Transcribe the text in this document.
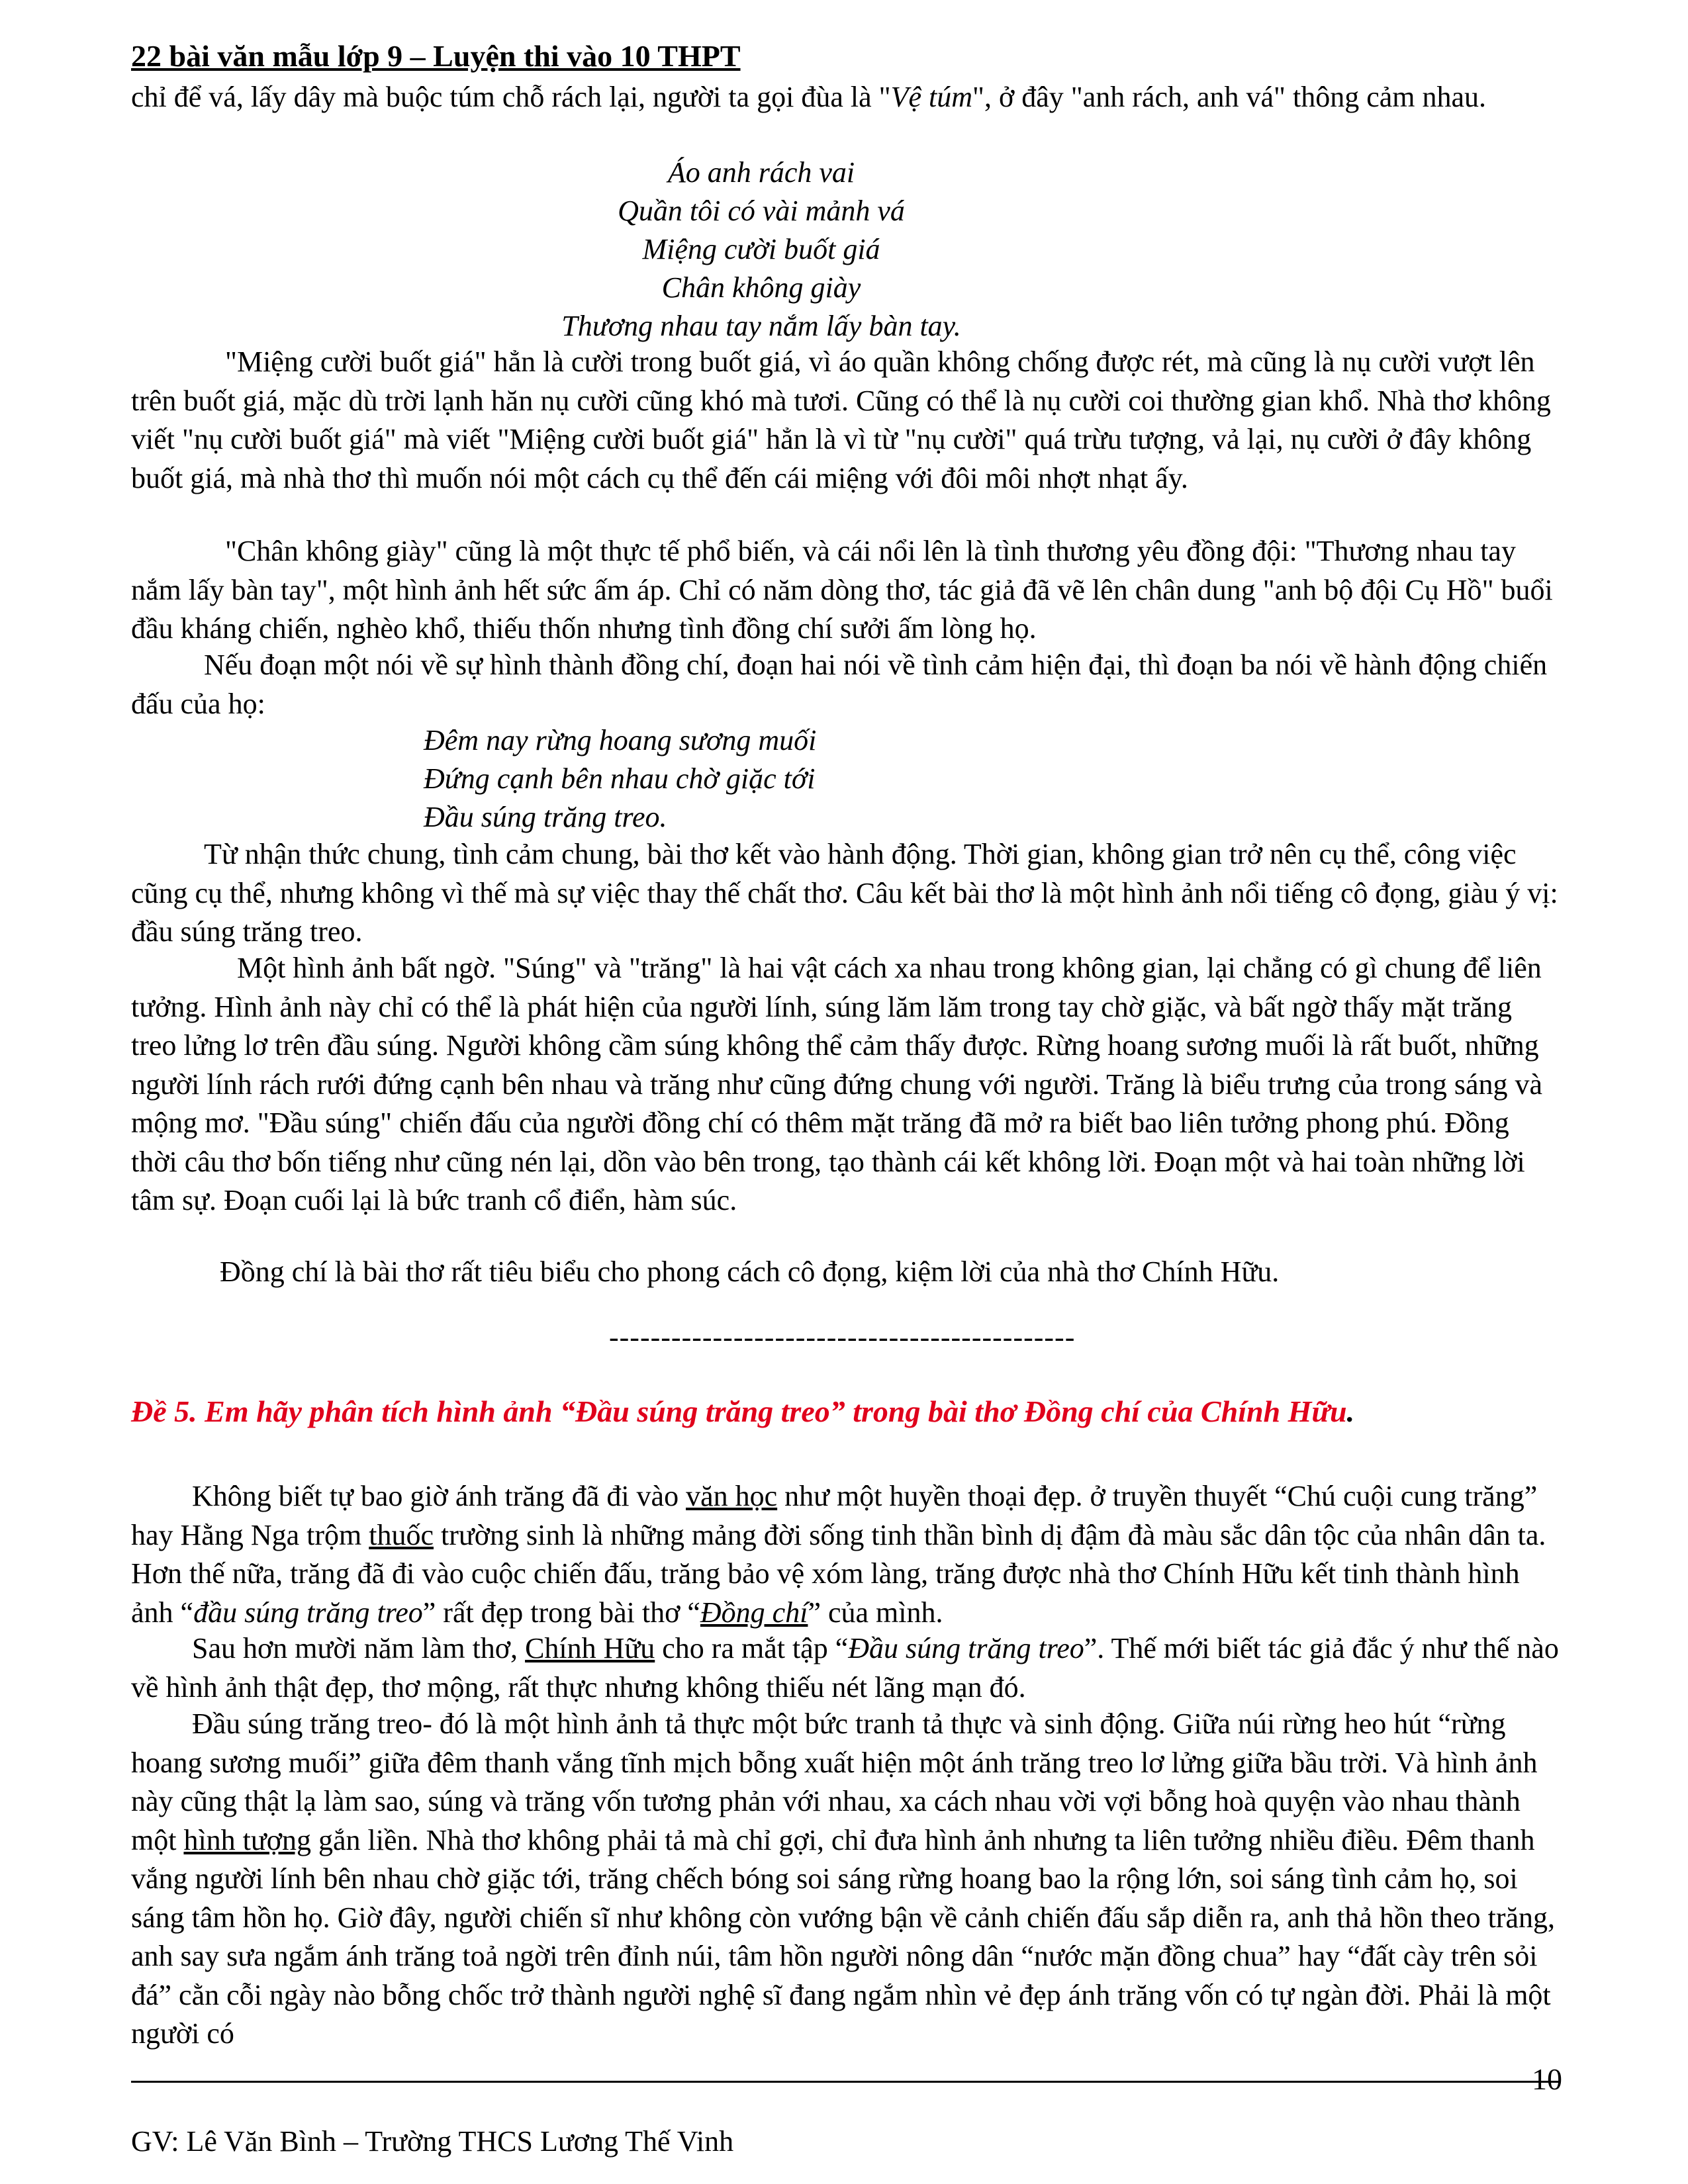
22 bài văn mẫu lớp 9 – Luyện thi vào 10 THPT

chỉ để vá, lấy dây mà buộc túm chỗ rách lại, người ta gọi đùa là "Vệ túm", ở đây "anh rách, anh vá" thông cảm nhau.

Áo anh rách vai
Quần tôi có vài mảnh vá
Miệng cười buốt giá
Chân không giày
Thương nhau tay nắm lấy bàn tay.

"Miệng cười buốt giá" hẳn là cười trong buốt giá, vì áo quần không chống được rét, mà cũng là nụ cười vượt lên trên buốt giá, mặc dù trời lạnh hăn nụ cười cũng khó mà tươi. Cũng có thể là nụ cười coi thường gian khổ. Nhà thơ không viết "nụ cười buốt giá" mà viết "Miệng cười buốt giá" hẳn là vì từ "nụ cười" quá trừu tượng, vả lại, nụ cười ở đây không buốt giá, mà nhà thơ thì muốn nói một cách cụ thể đến cái miệng với đôi môi nhợt nhạt ấy.

"Chân không giày" cũng là một thực tế phổ biến, và cái nổi lên là tình thương yêu đồng đội: "Thương nhau tay nắm lấy bàn tay", một hình ảnh hết sức ấm áp. Chỉ có năm dòng thơ, tác giả đã vẽ lên chân dung "anh bộ đội Cụ Hồ" buổi đầu kháng chiến, nghèo khổ, thiếu thốn nhưng tình đồng chí sưởi ấm lòng họ.

Nếu đoạn một nói về sự hình thành đồng chí, đoạn hai nói về tình cảm hiện đại, thì đoạn ba nói về hành động chiến đấu của họ:

Đêm nay rừng hoang sương muối
Đứng cạnh bên nhau chờ giặc tới
Đầu súng trăng treo.

Từ nhận thức chung, tình cảm chung, bài thơ kết vào hành động. Thời gian, không gian trở nên cụ thể, công việc cũng cụ thể, nhưng không vì thế mà sự việc thay thế chất thơ. Câu kết bài thơ là một hình ảnh nổi tiếng cô đọng, giàu ý vị: đầu súng trăng treo.

Một hình ảnh bất ngờ. "Súng" và "trăng" là hai vật cách xa nhau trong không gian, lại chẳng có gì chung để liên tưởng. Hình ảnh này chỉ có thể là phát hiện của người lính, súng lăm lăm trong tay chờ giặc, và bất ngờ thấy mặt trăng treo lửng lơ trên đầu súng. Người không cầm súng không thể cảm thấy được. Rừng hoang sương muối là rất buốt, những người lính rách rưới đứng cạnh bên nhau và trăng như cũng đứng chung với người. Trăng là biểu trưng của trong sáng và mộng mơ. "Đầu súng" chiến đấu của người đồng chí có thêm mặt trăng đã mở ra biết bao liên tưởng phong phú. Đồng thời câu thơ bốn tiếng như cũng nén lại, dồn vào bên trong, tạo thành cái kết không lời. Đoạn một và hai toàn những lời tâm sự. Đoạn cuối lại là bức tranh cổ điển, hàm súc.

Đồng chí là bài thơ rất tiêu biểu cho phong cách cô đọng, kiệm lời của nhà thơ Chính Hữu.

---------------------------------------------
Đề 5. Em hãy phân tích hình ảnh “Đầu súng trăng treo” trong bài thơ Đồng chí của Chính Hữu.

Không biết tự bao giờ ánh trăng đã đi vào văn học như một huyền thoại đẹp. ở truyền thuyết “Chú cuội cung trăng” hay Hằng Nga trộm thuốc trường sinh là những mảng đời sống tinh thần bình dị đậm đà màu sắc dân tộc của nhân dân ta. Hơn thế nữa, trăng đã đi vào cuộc chiến đấu, trăng bảo vệ xóm làng, trăng được nhà thơ Chính Hữu kết tinh thành hình ảnh “đầu súng trăng treo” rất đẹp trong bài thơ “Đồng chí” của mình.

Sau hơn mười năm làm thơ, Chính Hữu cho ra mắt tập “Đầu súng trăng treo”. Thế mới biết tác giả đắc ý như thế nào về hình ảnh thật đẹp, thơ mộng, rất thực nhưng không thiếu nét lãng mạn đó.

Đầu súng trăng treo- đó là một hình ảnh tả thực một bức tranh tả thực và sinh động. Giữa núi rừng heo hút “rừng hoang sương muối” giữa đêm thanh vắng tĩnh mịch bỗng xuất hiện một ánh trăng treo lơ lửng giữa bầu trời. Và hình ảnh này cũng thật lạ làm sao, súng và trăng vốn tương phản với nhau, xa cách nhau vời vợi bỗng hoà quyện vào nhau thành một hình tượng gắn liền. Nhà thơ không phải tả mà chỉ gợi, chỉ đưa hình ảnh nhưng ta liên tưởng nhiều điều. Đêm thanh vắng người lính bên nhau chờ giặc tới, trăng chếch bóng soi sáng rừng hoang bao la rộng lớn, soi sáng tình cảm họ, soi sáng tâm hồn họ. Giờ đây, người chiến sĩ như không còn vướng bận về cảnh chiến đấu sắp diễn ra, anh thả hồn theo trăng, anh say sưa ngắm ánh trăng toả ngời trên đỉnh núi, tâm hồn người nông dân “nước mặn đồng chua” hay “đất cày trên sỏi đá” cằn cỗi ngày nào bỗng chốc trở thành người nghệ sĩ đang ngắm nhìn vẻ đẹp ánh trăng vốn có tự ngàn đời. Phải là một người có

10
GV: Lê Văn Bình – Trường THCS Lương Thế Vinh
